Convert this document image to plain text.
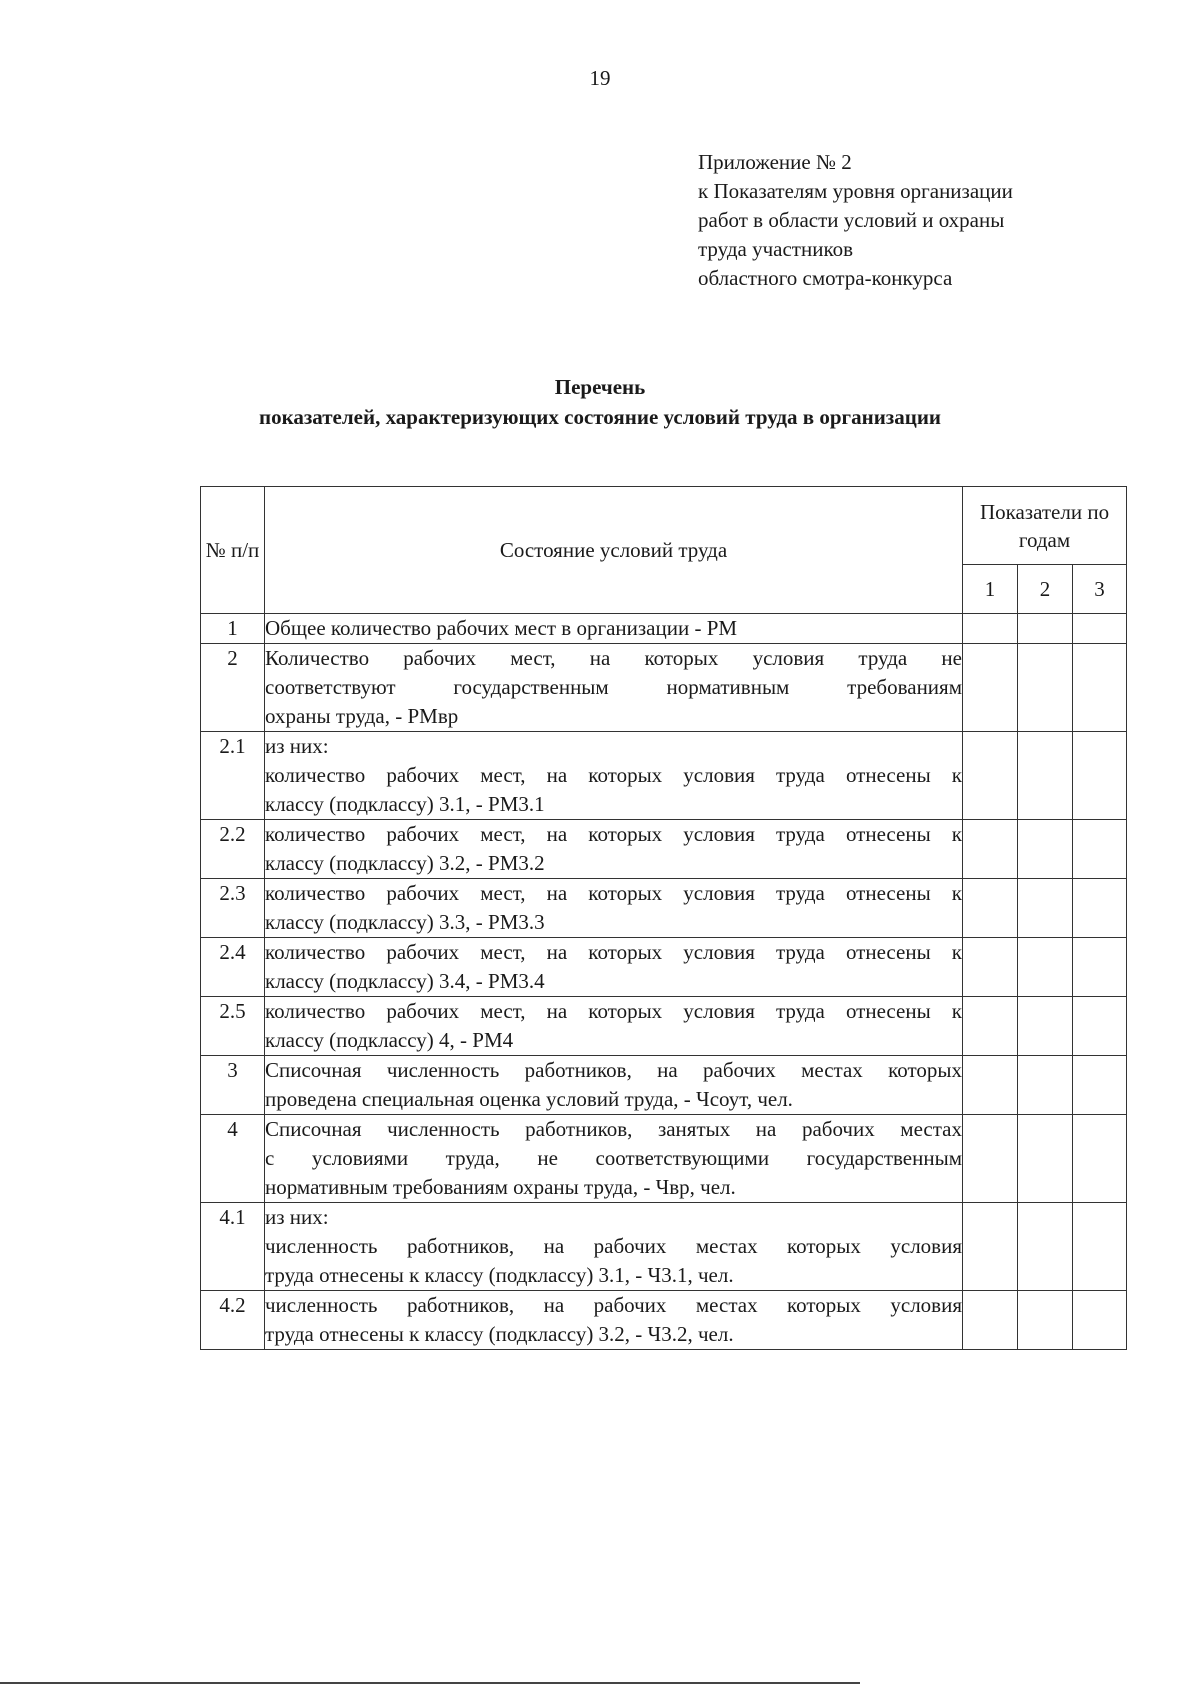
19
Приложение № 2
к Показателям уровня организации
работ в области условий и охраны
труда участников
областного смотра-конкурса
Перечень
показателей, характеризующих состояние условий труда в организации
№ п/п	Состояние условий труда	Показатели по годам		
		1	2	3
1	Общее количество рабочих мест в организации - РМ			

2	Количество рабочих мест, на которых условия труда не
соответствуют государственным нормативным требованиям
охраны труда, - РМвр			

2.1	из них:
количество рабочих мест, на которых условия труда отнесены к
классу (подклассу) 3.1, - РМ3.1			

2.2	количество рабочих мест, на которых условия труда отнесены к
классу (подклассу) 3.2, - РМ3.2			

2.3	количество рабочих мест, на которых условия труда отнесены к
классу (подклассу) 3.3, - РМ3.3			

2.4	количество рабочих мест, на которых условия труда отнесены к
классу (подклассу) 3.4, - РМ3.4			

2.5	количество рабочих мест, на которых условия труда отнесены к
классу (подклассу) 4, - РМ4			

3	Списочная численность работников, на рабочих местах которых
проведена специальная оценка условий труда, - Чсоут, чел.			

4	Списочная численность работников, занятых на рабочих местах
с условиями труда, не соответствующими государственным
нормативным требованиям охраны труда, - Чвр, чел.			

4.1	из них:
численность работников, на рабочих местах которых условия
труда отнесены к классу (подклассу) 3.1, - Ч3.1, чел.			

4.2	численность работников, на рабочих местах которых условия
труда отнесены к классу (подклассу) 3.2, - Ч3.2, чел.			
